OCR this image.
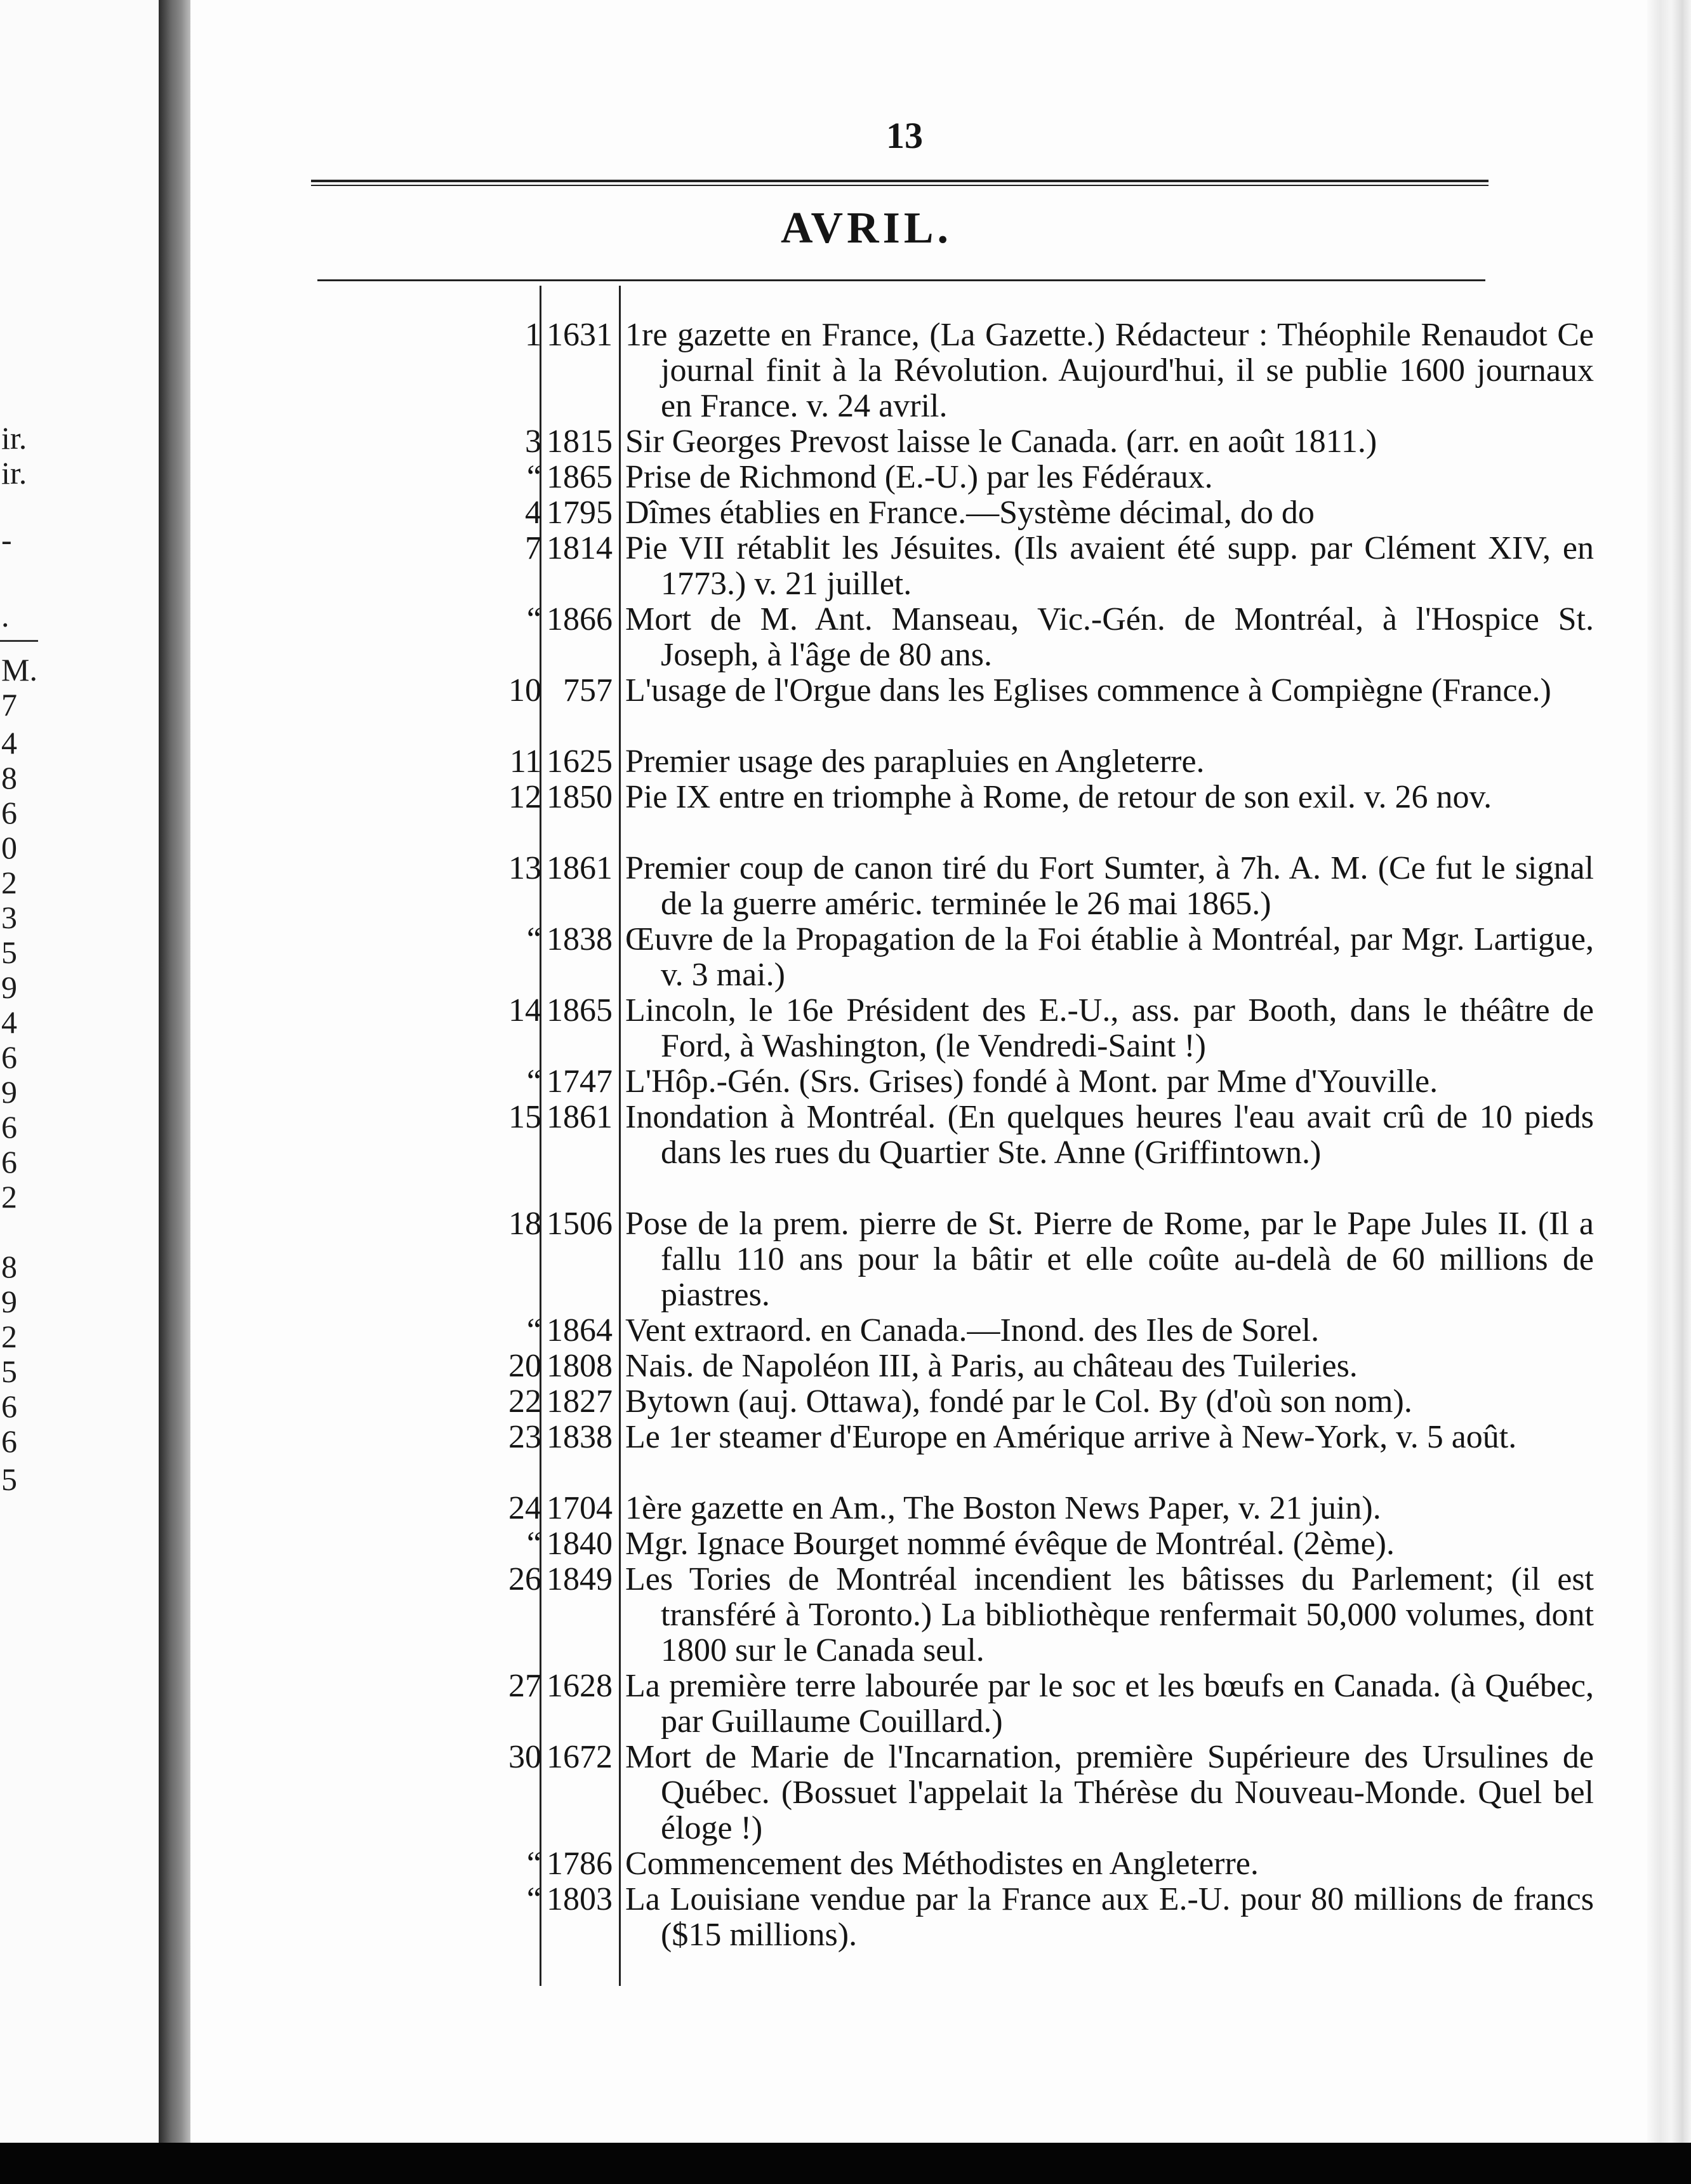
ir.
ir.
-
.
M.
7
4
8
6
0
2
3
5
9
4
6
9
6
6
2
8
9
2
5
6
6
5
13
AVRIL.
1 1631 1re gazette en France, (La Gazette.) Rédacteur : Théophile Renaudot Ce journal finit à la Révolution. Aujourd'hui, il se publie 1600 journaux en France. v. 24 avril.
3 1815 Sir Georges Prevost laisse le Canada. (arr. en août 1811.)
“ 1865 Prise de Richmond (E.-U.) par les Fédéraux.
4 1795 Dîmes établies en France.—Système décimal, do do
7 1814 Pie VII rétablit les Jésuites. (Ils avaient été supp. par Clément XIV, en 1773.) v. 21 juillet.
“ 1866 Mort de M. Ant. Manseau, Vic.-Gén. de Montréal, à l'Hospice St. Joseph, à l'âge de 80 ans.
10 757 L'usage de l'Orgue dans les Eglises commence à Compiègne (France.)
11 1625 Premier usage des parapluies en Angleterre.
12 1850 Pie IX entre en triomphe à Rome, de retour de son exil. v. 26 nov.
13 1861 Premier coup de canon tiré du Fort Sumter, à 7h. A. M. (Ce fut le signal de la guerre améric. terminée le 26 mai 1865.)
“ 1838 Œuvre de la Propagation de la Foi établie à Montréal, par Mgr. Lartigue, v. 3 mai.)
14 1865 Lincoln, le 16e Président des E.-U., ass. par Booth, dans le théâtre de Ford, à Washington, (le Vendredi-Saint !)
“ 1747 L'Hôp.-Gén. (Srs. Grises) fondé à Mont. par Mme d'Youville.
15 1861 Inondation à Montréal. (En quelques heures l'eau avait crû de 10 pieds dans les rues du Quartier Ste. Anne (Griffintown.)
18 1506 Pose de la prem. pierre de St. Pierre de Rome, par le Pape Jules II. (Il a fallu 110 ans pour la bâtir et elle coûte au-delà de 60 millions de piastres.
“ 1864 Vent extraord. en Canada.—Inond. des Iles de Sorel.
20 1808 Nais. de Napoléon III, à Paris, au château des Tuileries.
22 1827 Bytown (auj. Ottawa), fondé par le Col. By (d'où son nom).
23 1838 Le 1er steamer d'Europe en Amérique arrive à New-York, v. 5 août.
24 1704 1ère gazette en Am., The Boston News Paper, v. 21 juin).
“ 1840 Mgr. Ignace Bourget nommé évêque de Montréal. (2ème).
26 1849 Les Tories de Montréal incendient les bâtisses du Parlement; (il est transféré à Toronto.) La bibliothèque renfermait 50,000 volumes, dont 1800 sur le Canada seul.
27 1628 La première terre labourée par le soc et les bœufs en Canada. (à Québec, par Guillaume Couillard.)
30 1672 Mort de Marie de l'Incarnation, première Supérieure des Ursulines de Québec. (Bossuet l'appelait la Thérèse du Nouveau-Monde. Quel bel éloge !)
“ 1786 Commencement des Méthodistes en Angleterre.
“ 1803 La Louisiane vendue par la France aux E.-U. pour 80 millions de francs ($15 millions).
